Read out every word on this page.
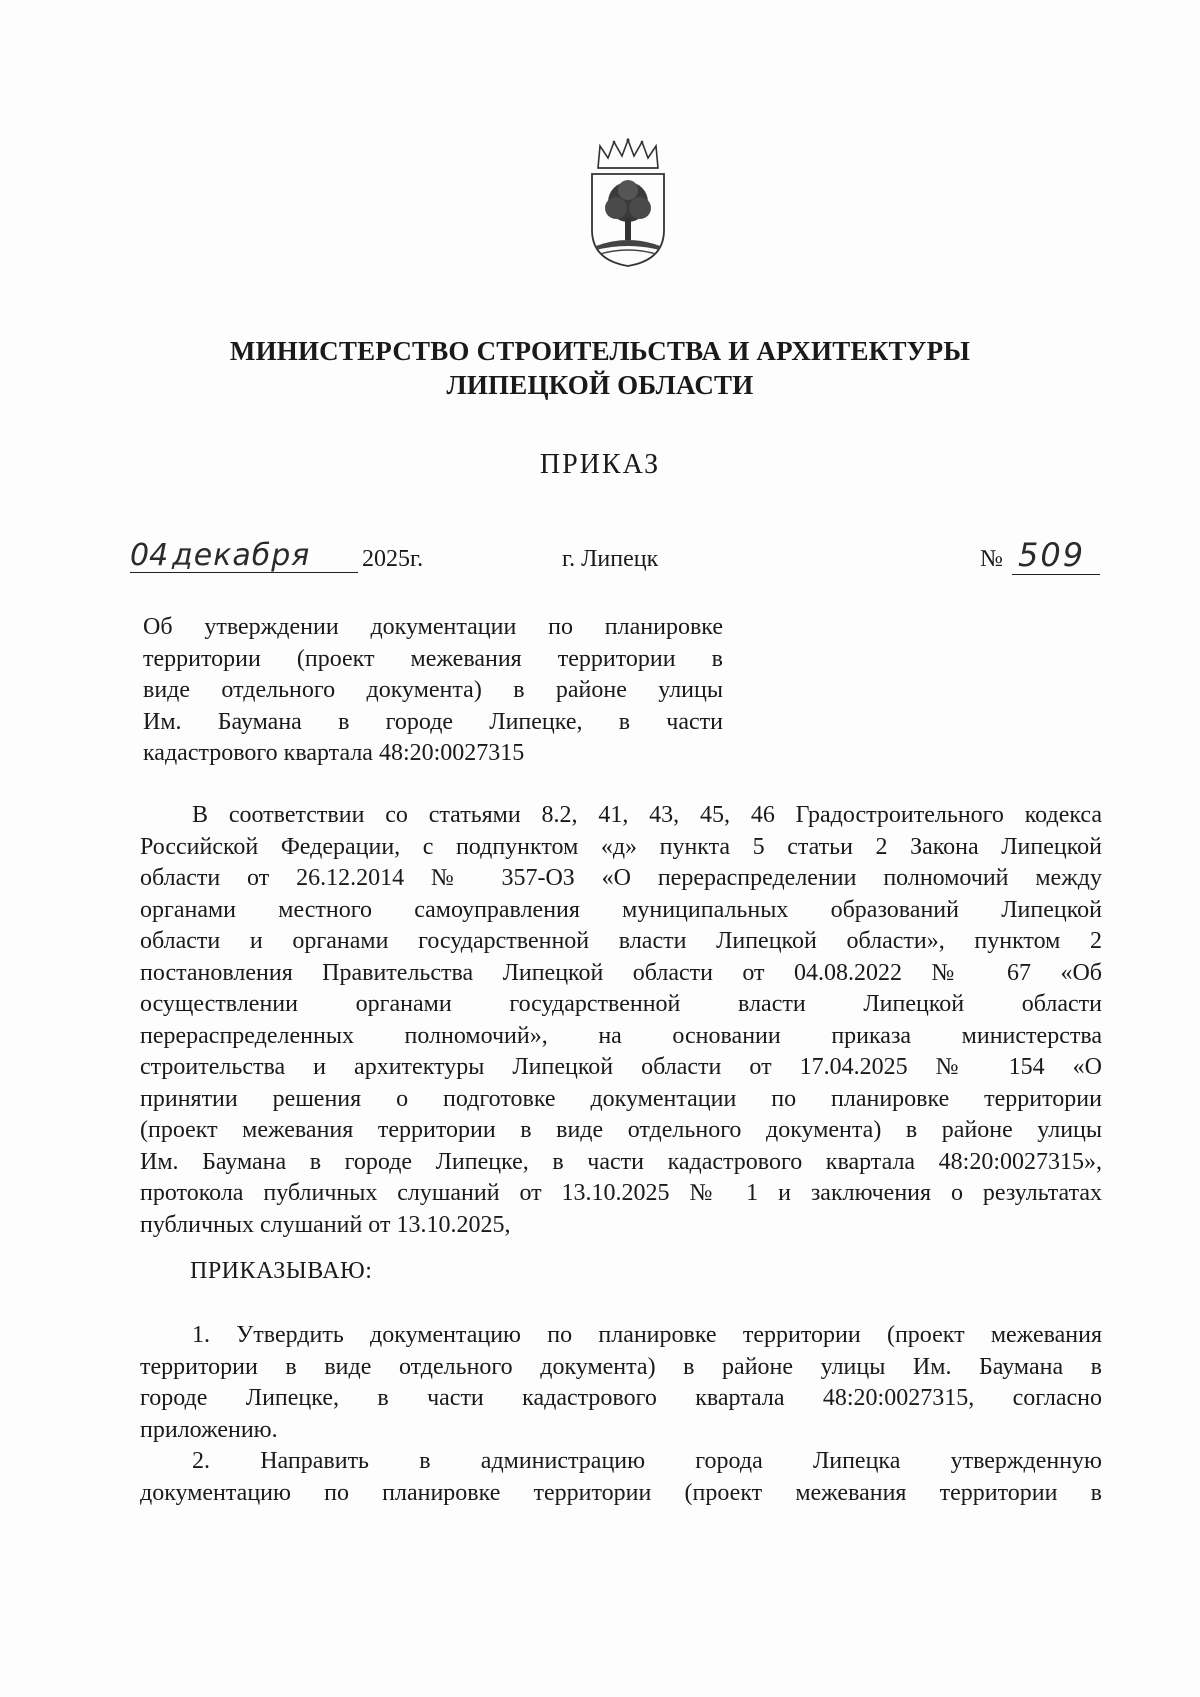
МИНИСТЕРСТВО СТРОИТЕЛЬСТВА И АРХИТЕКТУРЫ
ЛИПЕЦКОЙ ОБЛАСТИ
ПРИКАЗ
04 декабря 2025г.	г. Липецк	№ 509
Об утверждении документации по планировке
территории (проект межевания территории в
виде отдельного документа) в районе улицы
Им. Баумана в городе Липецке, в части
кадастрового квартала 48:20:0027315
В соответствии со статьями 8.2, 41, 43, 45, 46 Градостроительного кодекса
Российской Федерации, с подпунктом «д» пункта 5 статьи 2 Закона Липецкой
области от 26.12.2014 № 357-ОЗ «О перераспределении полномочий между
органами местного самоуправления муниципальных образований Липецкой
области и органами государственной власти Липецкой области», пунктом 2
постановления Правительства Липецкой области от 04.08.2022 № 67 «Об
осуществлении органами государственной власти Липецкой области
перераспределенных полномочий», на основании приказа министерства
строительства и архитектуры Липецкой области от 17.04.2025 № 154 «О
принятии решения о подготовке документации по планировке территории
(проект межевания территории в виде отдельного документа) в районе улицы
Им. Баумана в городе Липецке, в части кадастрового квартала 48:20:0027315»,
протокола публичных слушаний от 13.10.2025 № 1 и заключения о результатах
публичных слушаний от 13.10.2025,
ПРИКАЗЫВАЮ:
1. Утвердить документацию по планировке территории (проект межевания
территории в виде отдельного документа) в районе улицы Им. Баумана в
городе Липецке, в части кадастрового квартала 48:20:0027315, согласно
приложению.
2. Направить в администрацию города Липецка утвержденную
документацию по планировке территории (проект межевания территории в
